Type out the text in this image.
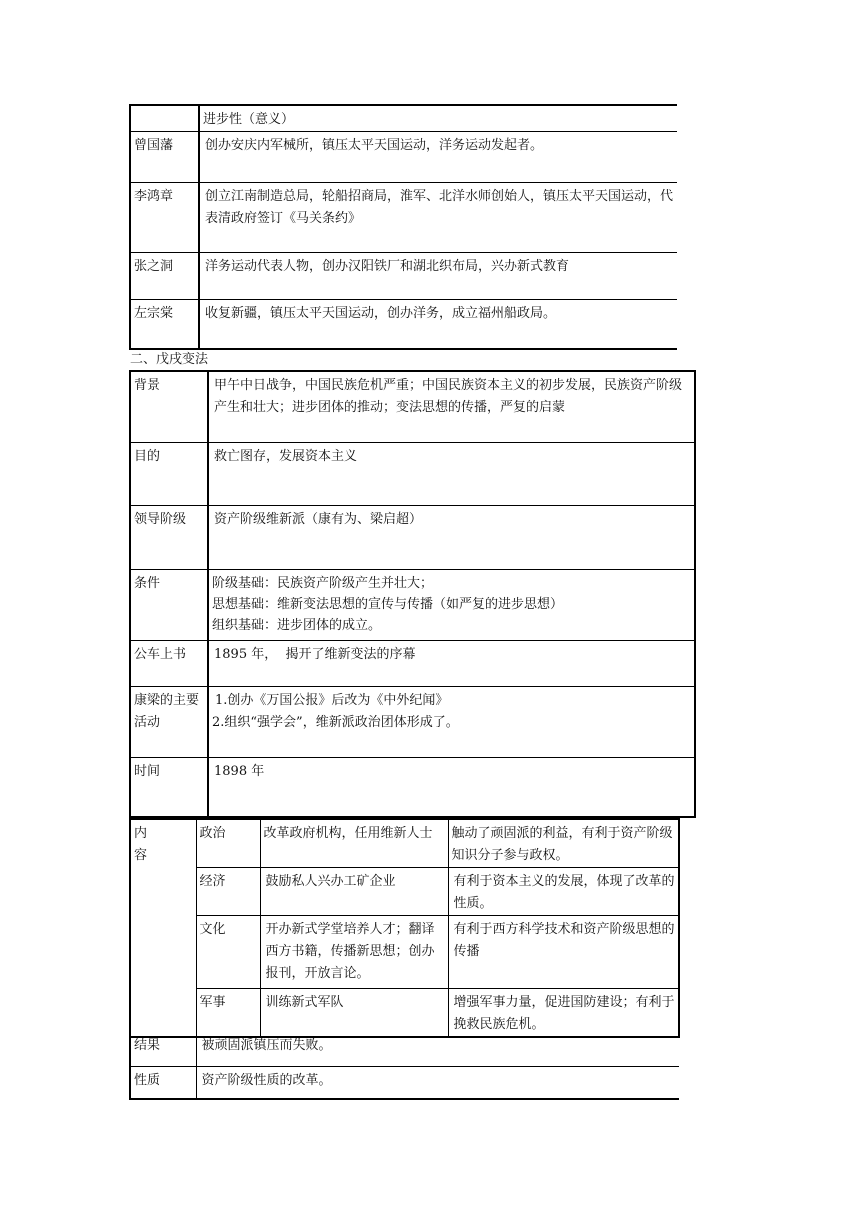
	进步性（意义）
曾国藩	创办安庆内军械所，镇压太平天国运动，洋务运动发起者。
李鸿章	创立江南制造总局，轮船招商局，淮军、北洋水师创始人，镇压太平天国运动，代表清政府签订《马关条约》
张之洞	洋务运动代表人物，创办汉阳铁厂和湖北织布局，兴办新式教育
左宗棠	收复新疆，镇压太平天国运动，创办洋务，成立福州船政局。
二、戊戌变法
背景	甲午中日战争，中国民族危机严重；中国民族资本主义的初步发展，民族资产阶级产生和壮大；进步团体的推动；变法思想的传播，严复的启蒙
目的	救亡图存，发展资本主义
领导阶级	资产阶级维新派（康有为、梁启超）
条件	阶级基础：民族资产阶级产生并壮大；
思想基础：维新变法思想的宣传与传播（如严复的进步思想）
组织基础：进步团体的成立。

公车上书	1895 年，  揭开了维新变法的序幕
康梁的主要活动	1.创办《万国公报》后改为《中外纪闻》
2.组织“强学会”，维新派政治团体形成了。

时间	1898 年
内
容	政治	改革政府机构，任用维新人士	触动了顽固派的利益，有利于资产阶级知识分子参与政权。
	经济	鼓励私人兴办工矿企业	有利于资本主义的发展，体现了改革的性质。
	文化	开办新式学堂培养人才；翻译西方书籍，传播新思想；创办报刊，开放言论。	有利于西方科学技术和资产阶级思想的传播
	军事	训练新式军队	增强军事力量，促进国防建设；有利于挽救民族危机。
结果	被顽固派镇压而失败。
性质	资产阶级性质的改革。
